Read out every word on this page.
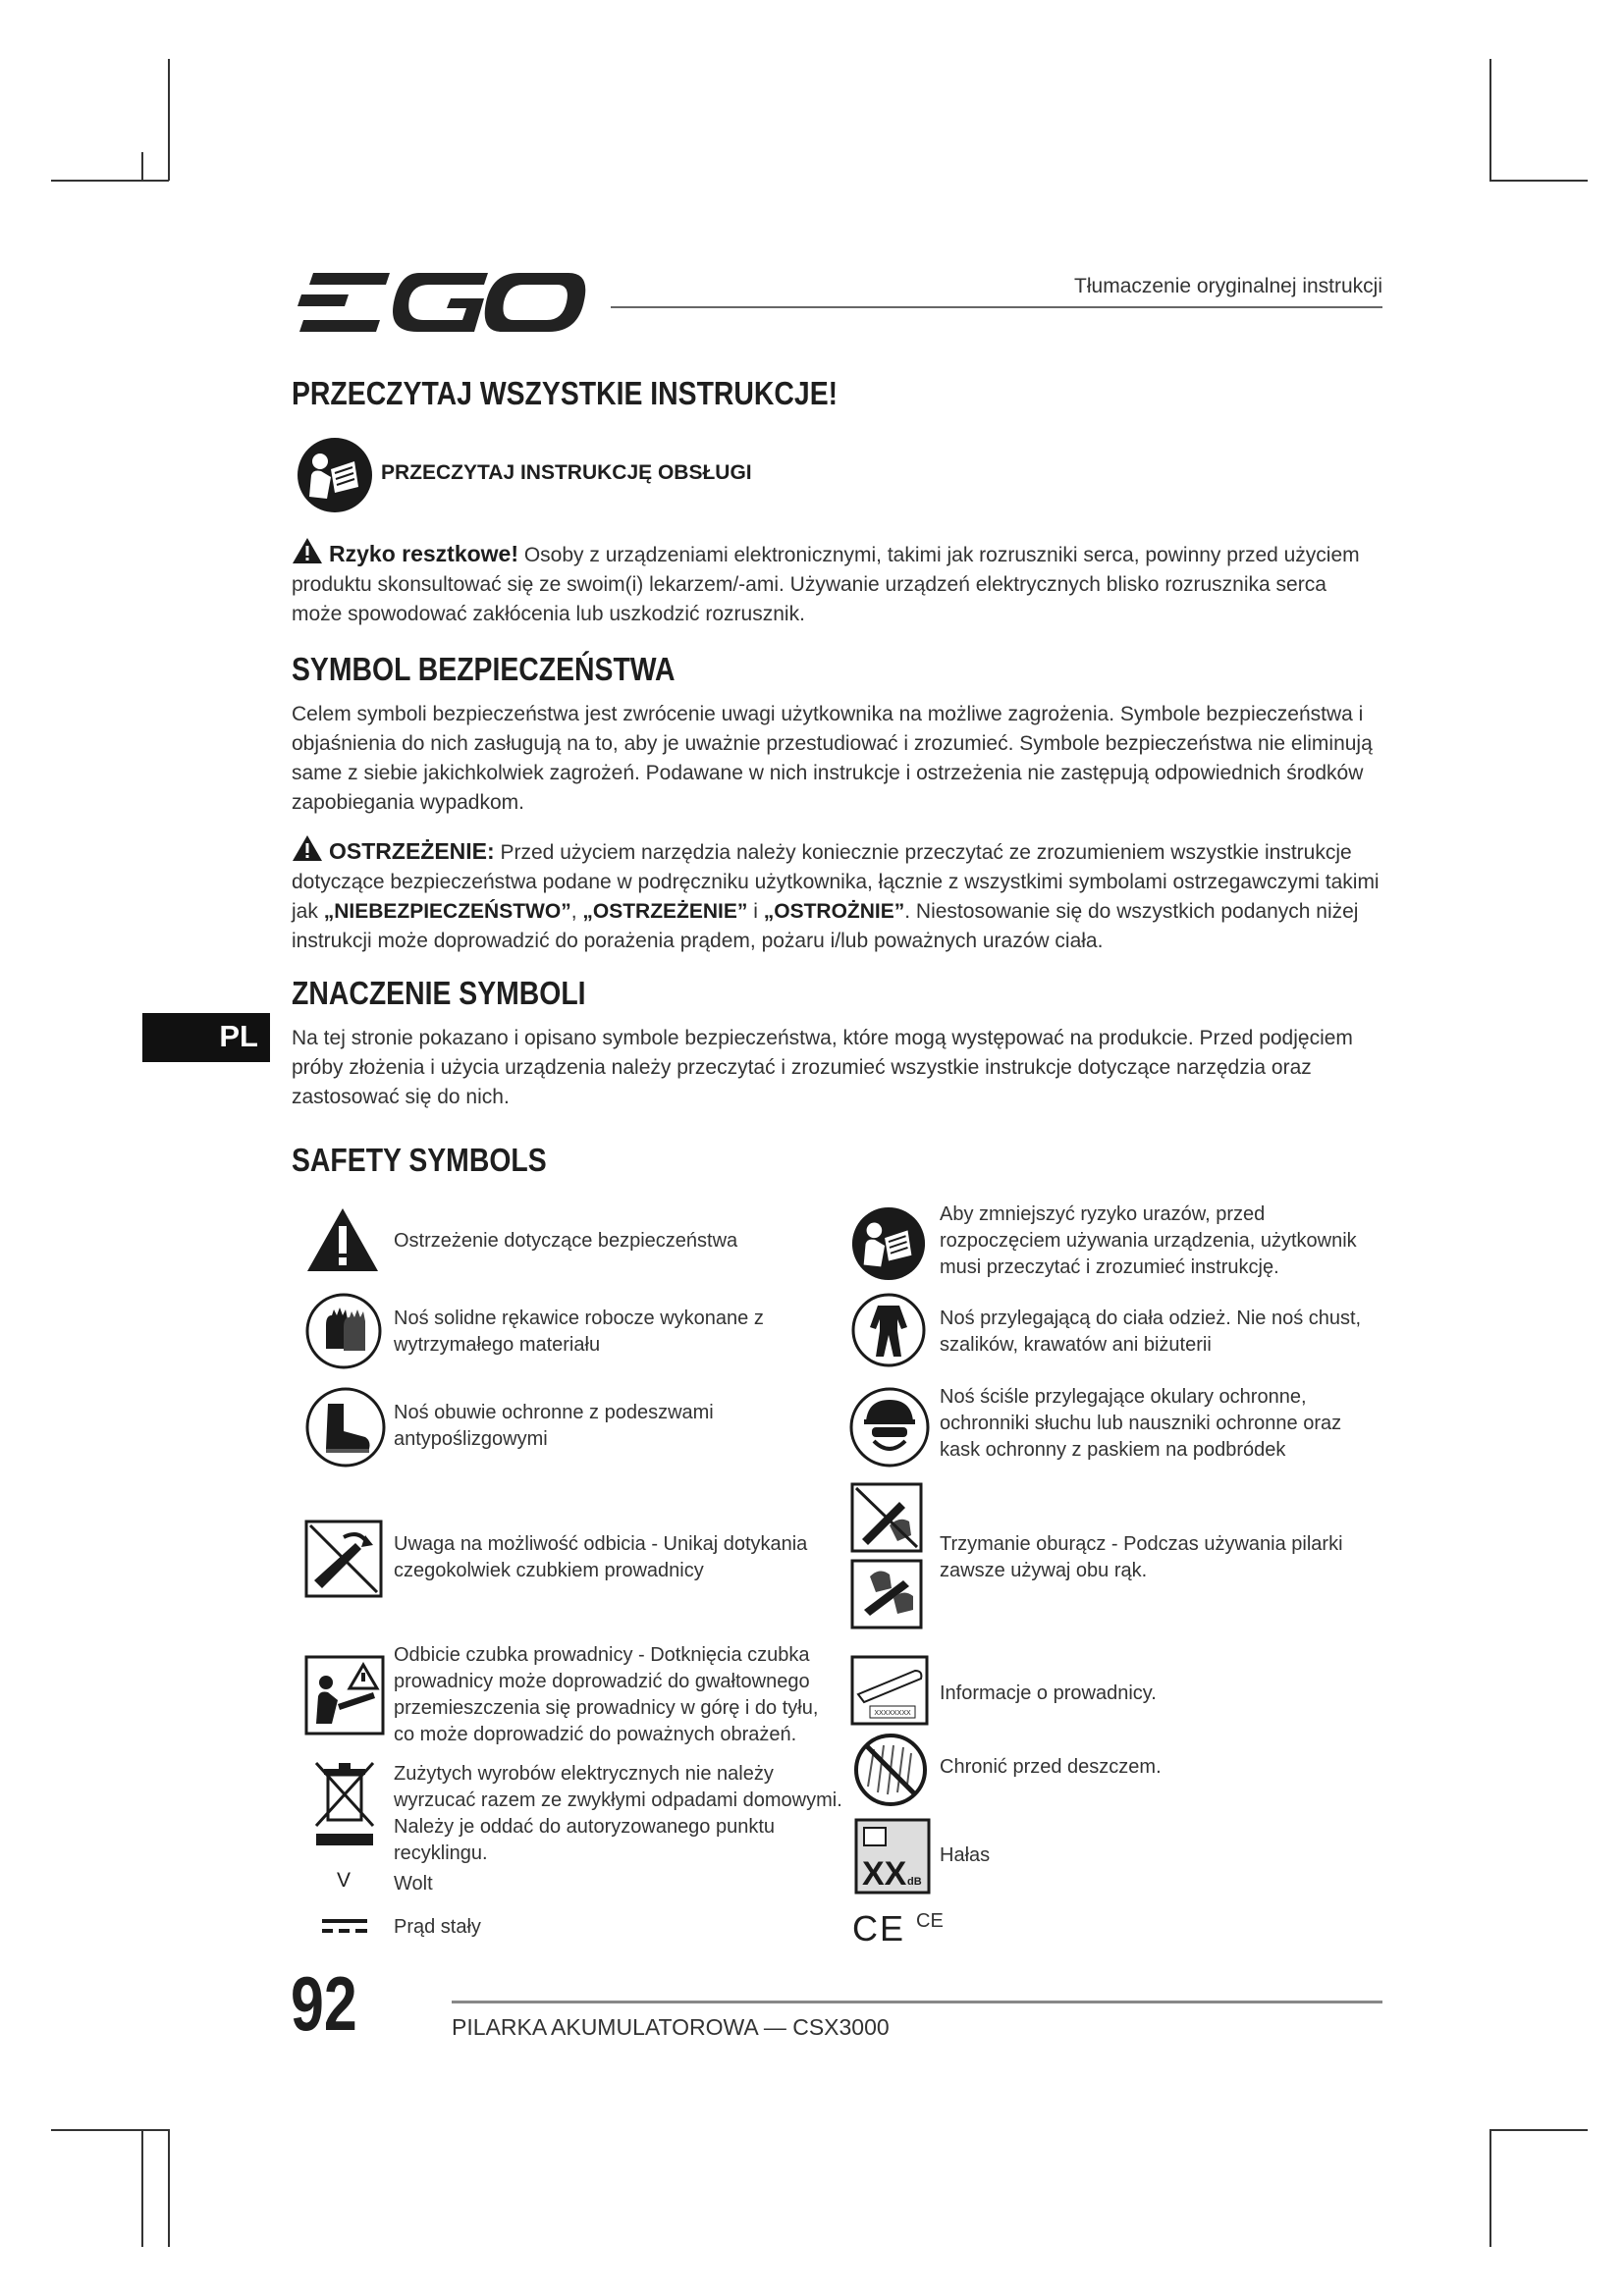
Tłumaczenie oryginalnej instrukcji
PL
PRZECZYTAJ WSZYSTKIE INSTRUKCJE!
PRZECZYTAJ INSTRUKCJĘ OBSŁUGI
Rzyko resztkowe! Osoby z urządzeniami elektronicznymi, takimi jak rozruszniki serca, powinny przed użyciem produktu skonsultować się ze swoim(i) lekarzem/-ami. Używanie urządzeń elektrycznych blisko rozrusznika serca może spowodować zakłócenia lub uszkodzić rozrusznik.
SYMBOL BEZPIECZEŃSTWA
Celem symboli bezpieczeństwa jest zwrócenie uwagi użytkownika na możliwe zagrożenia. Symbole bezpieczeństwa i objaśnienia do nich zasługują na to, aby je uważnie przestudiować i zrozumieć. Symbole bezpieczeństwa nie eliminują same z siebie jakichkolwiek zagrożeń. Podawane w nich instrukcje i ostrzeżenia nie zastępują odpowiednich środków zapobiegania wypadkom.
OSTRZEŻENIE: Przed użyciem narzędzia należy koniecznie przeczytać ze zrozumieniem wszystkie instrukcje dotyczące bezpieczeństwa podane w podręczniku użytkownika, łącznie z wszystkimi symbolami ostrzegawczymi takimi jak „NIEBEZPIECZEŃSTWO”, „OSTRZEŻENIE” i „OSTROŻNIE”. Niestosowanie się do wszystkich podanych niżej instrukcji może doprowadzić do porażenia prądem, pożaru i/lub poważnych urazów ciała.
ZNACZENIE SYMBOLI
Na tej stronie pokazano i opisano symbole bezpieczeństwa, które mogą występować na produkcie. Przed podjęciem próby złożenia i użycia urządzenia należy przeczytać i zrozumieć wszystkie instrukcje dotyczące narzędzia oraz zastosować się do nich.
SAFETY SYMBOLS
Ostrzeżenie dotyczące bezpieczeństwa
Noś solidne rękawice robocze wykonane z wytrzymałego materiału
Noś obuwie ochronne z podeszwami antypoślizgowymi
Uwaga na możliwość odbicia - Unikaj dotykania czegokolwiek czubkiem prowadnicy
Odbicie czubka prowadnicy - Dotknięcia czubka prowadnicy może doprowadzić do gwałtownego przemieszczenia się prowadnicy w górę i do tyłu, co może doprowadzić do poważnych obrażeń.
Zużytych wyrobów elektrycznych nie należy wyrzucać razem ze zwykłymi odpadami domowymi. Należy je oddać do autoryzowanego punktu recyklingu.
V	Wolt
Prąd stały
Aby zmniejszyć ryzyko urazów, przed rozpoczęciem używania urządzenia, użytkownik musi przeczytać i zrozumieć instrukcję.
Noś przylegającą do ciała odzież. Nie noś chust, szalików, krawatów ani biżuterii
Noś ściśle przylegające okulary ochronne, ochronniki słuchu lub nauszniki ochronne oraz kask ochronny z paskiem na podbródek
Trzymanie oburącz - Podczas używania pilarki zawsze używaj obu rąk.
XXXXXXXX
Informacje o prowadnicy.
Chronić przed deszczem.
XX dB
Hałas
CE CE
92	PILARKA AKUMULATOROWA — CSX3000
